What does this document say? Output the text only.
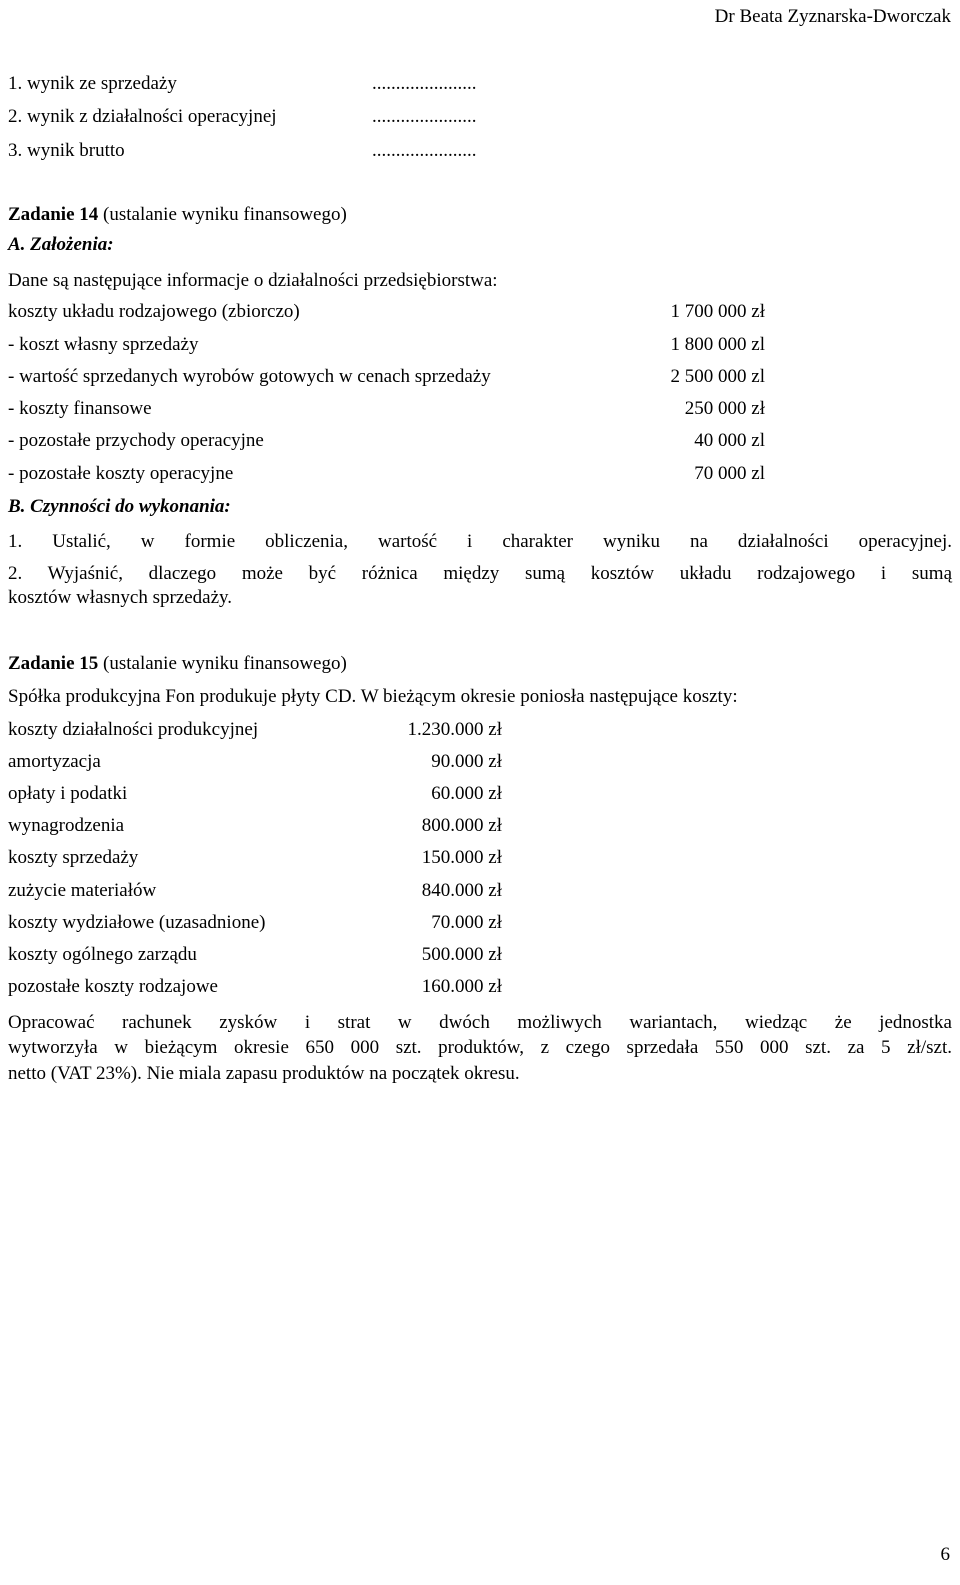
Dr Beata Zyznarska-Dworczak
1. wynik ze sprzedaży	......................
2. wynik z działalności operacyjnej	......................
3. wynik brutto	......................
Zadanie 14 (ustalanie wyniku finansowego)
A. Założenia:
Dane są następujące informacje o działalności przedsiębiorstwa:
koszty układu rodzajowego (zbiorczo)	1 700 000 zł
- koszt własny sprzedaży	1 800 000 zl
- wartość sprzedanych wyrobów gotowych w cenach sprzedaży	2 500 000 zl
- koszty finansowe	250 000 zł
- pozostałe przychody operacyjne	40 000 zl
- pozostałe koszty operacyjne	70 000 zl
B. Czynności do wykonania:
1. Ustalić, w formie obliczenia, wartość i charakter wyniku na działalności operacyjnej.
2. Wyjaśnić, dlaczego może być różnica między sumą kosztów układu rodzajowego i sumą
kosztów własnych sprzedaży.
Zadanie 15 (ustalanie wyniku finansowego)
Spółka produkcyjna Fon produkuje płyty CD. W bieżącym okresie poniosła następujące koszty:
koszty działalności produkcyjnej	1.230.000 zł
amortyzacja	90.000 zł
opłaty i podatki	60.000 zł
wynagrodzenia	800.000 zł
koszty sprzedaży	150.000 zł
zużycie materiałów	840.000 zł
koszty wydziałowe (uzasadnione)	70.000 zł
koszty ogólnego zarządu	500.000 zł
pozostałe koszty rodzajowe	160.000 zł
Opracować rachunek zysków i strat w dwóch możliwych wariantach, wiedząc że jednostka
wytworzyła w bieżącym okresie 650 000 szt. produktów, z czego sprzedała 550 000 szt. za 5 zł/szt.
netto (VAT 23%). Nie miala zapasu produktów na początek okresu.
6
